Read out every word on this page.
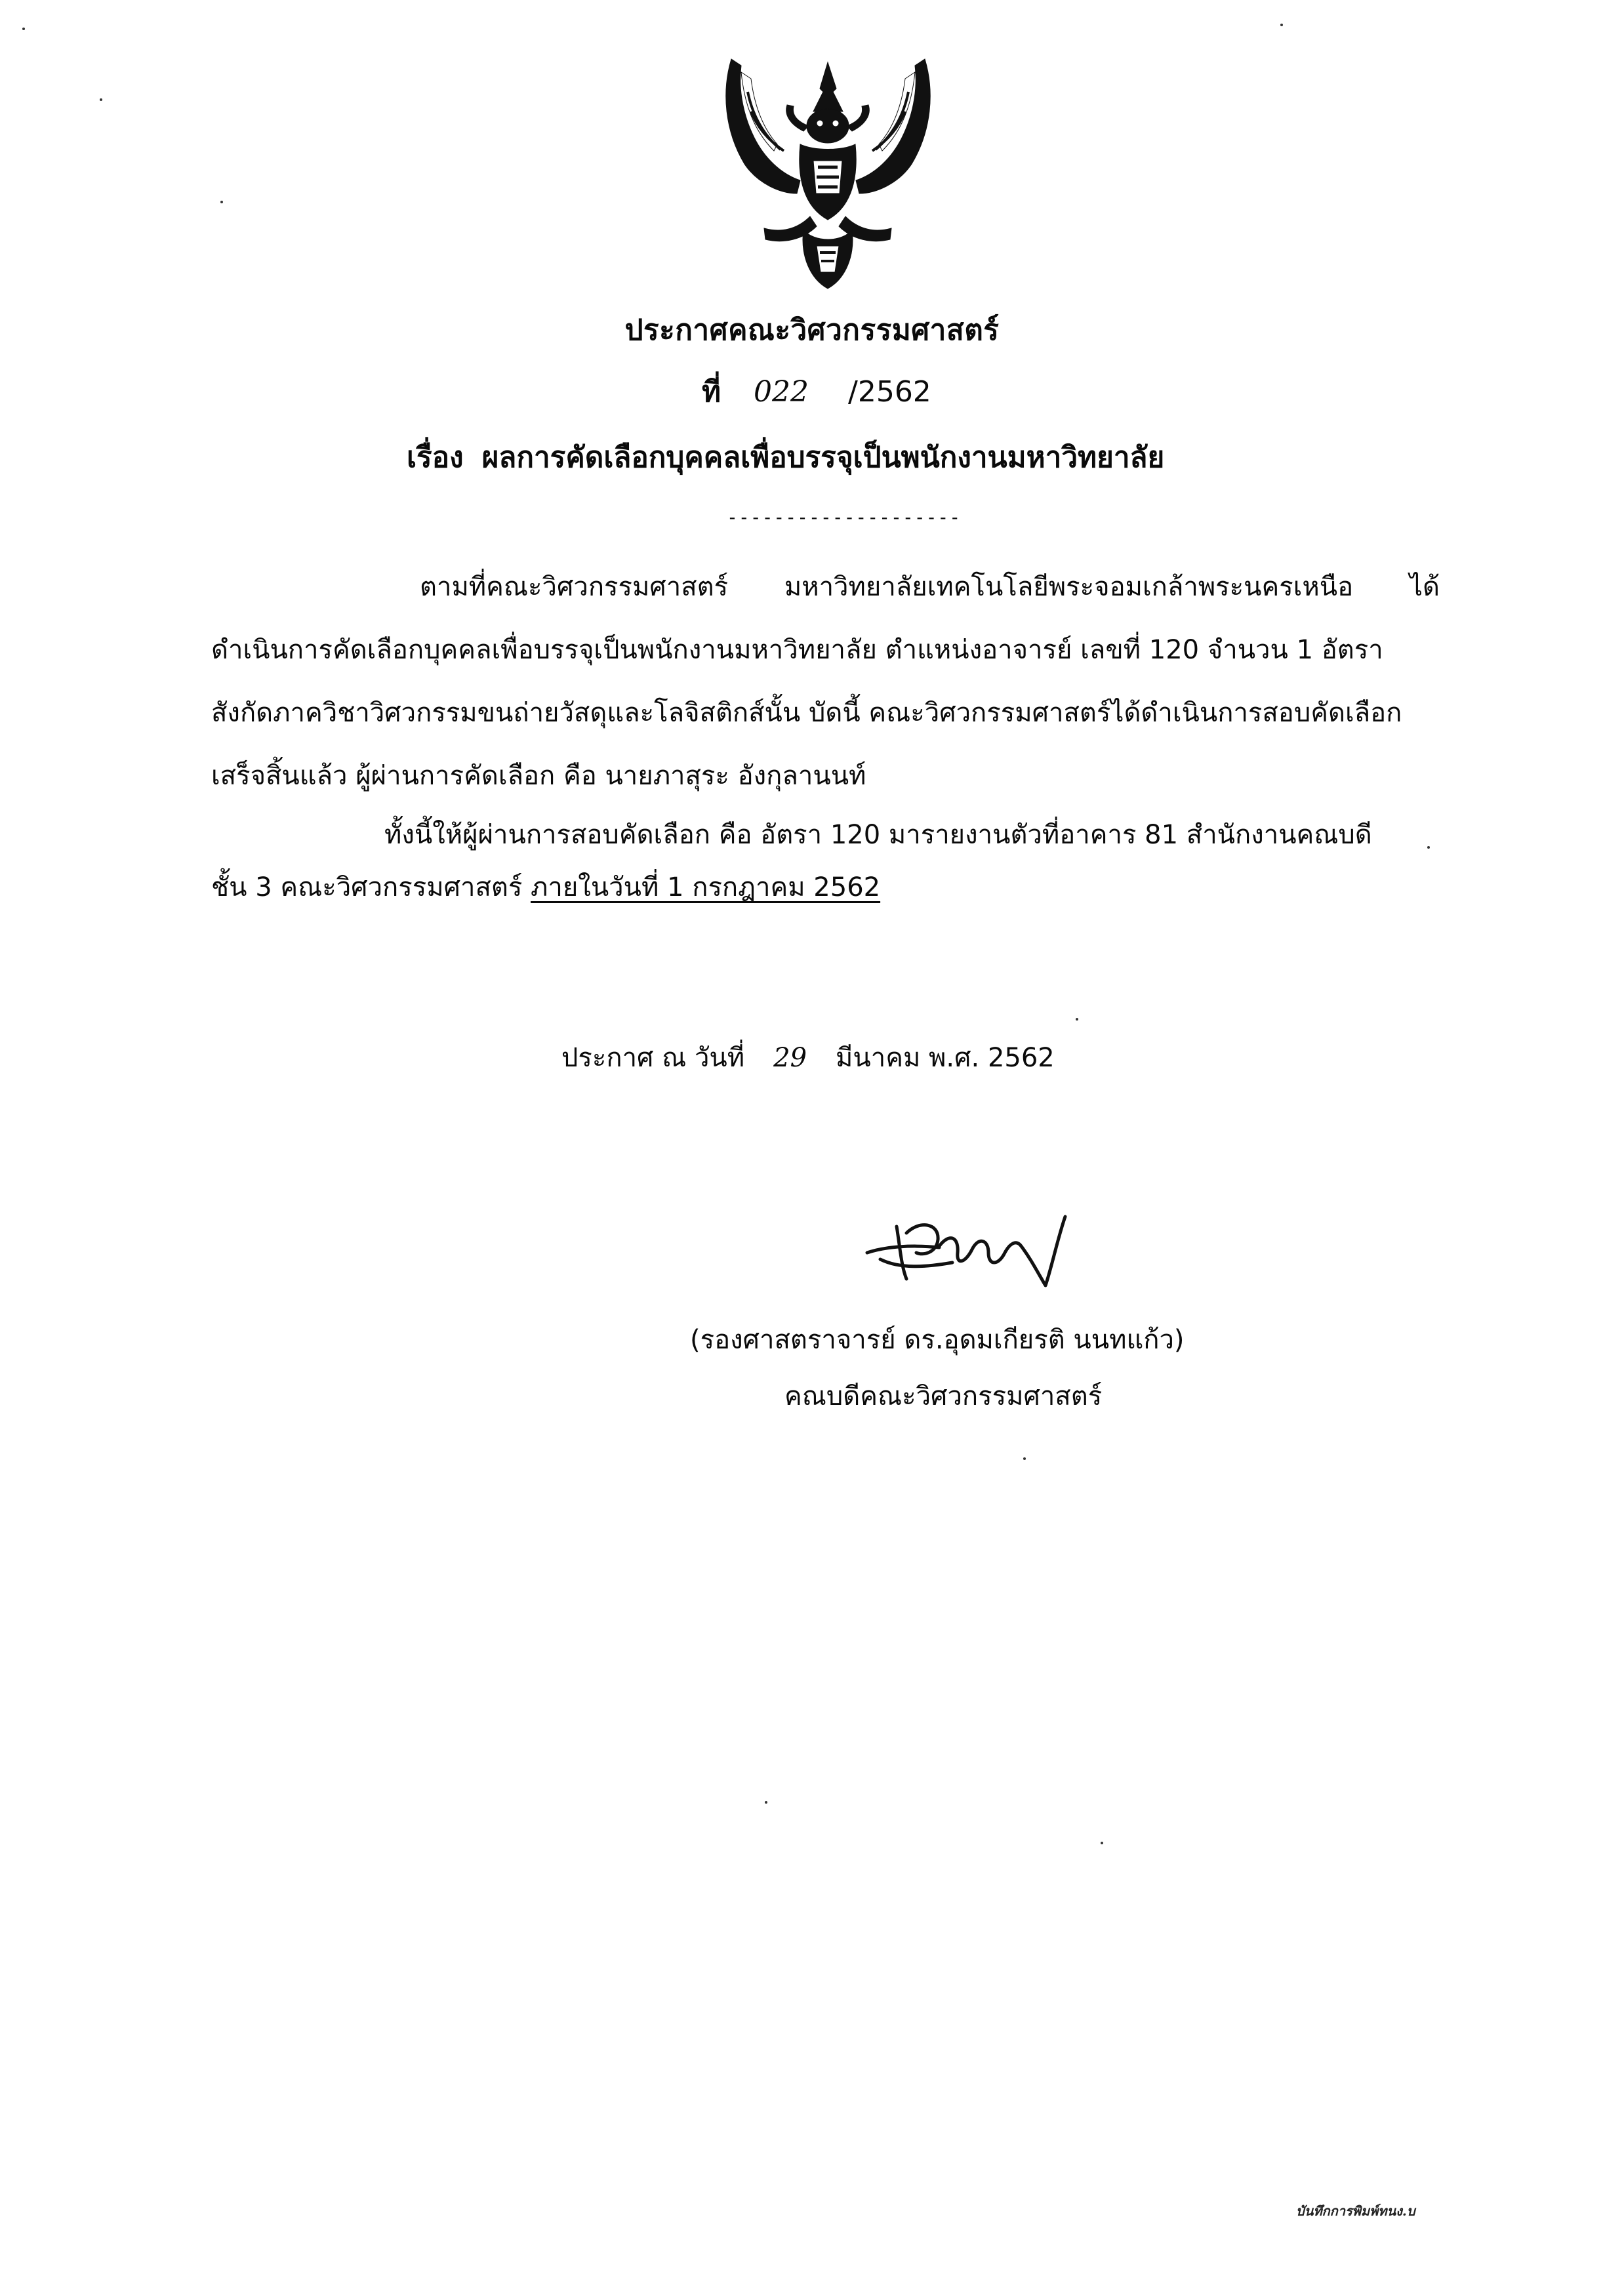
ประกาศคณะวิศวกรรมศาสตร์
ที่ 022 /2562
เรื่อง ผลการคัดเลือกบุคคลเพื่อบรรจุเป็นพนักงานมหาวิทยาลัย
--------------------
ตามที่คณะวิศวกรรมศาสตร์ มหาวิทยาลัยเทคโนโลยีพระจอมเกล้าพระนครเหนือ ได้
ดำเนินการคัดเลือกบุคคลเพื่อบรรจุเป็นพนักงานมหาวิทยาลัย ตำแหน่งอาจารย์ เลขที่ 120 จำนวน 1 อัตรา
สังกัดภาควิชาวิศวกรรมขนถ่ายวัสดุและโลจิสติกส์นั้น บัดนี้ คณะวิศวกรรมศาสตร์ได้ดำเนินการสอบคัดเลือก
เสร็จสิ้นแล้ว ผู้ผ่านการคัดเลือก คือ นายภาสุระ อังกุลานนท์
ทั้งนี้ให้ผู้ผ่านการสอบคัดเลือก คือ อัตรา 120 มารายงานตัวที่อาคาร 81 สำนักงานคณบดี
ชั้น 3 คณะวิศวกรรมศาสตร์ ภายในวันที่ 1 กรกฎาคม 2562
ประกาศ ณ วันที่ 29 มีนาคม พ.ศ. 2562
(รองศาสตราจารย์ ดร.อุดมเกียรติ นนทแก้ว)
คณบดีคณะวิศวกรรมศาสตร์
บันทึกการพิมพ์ทนง.บ
